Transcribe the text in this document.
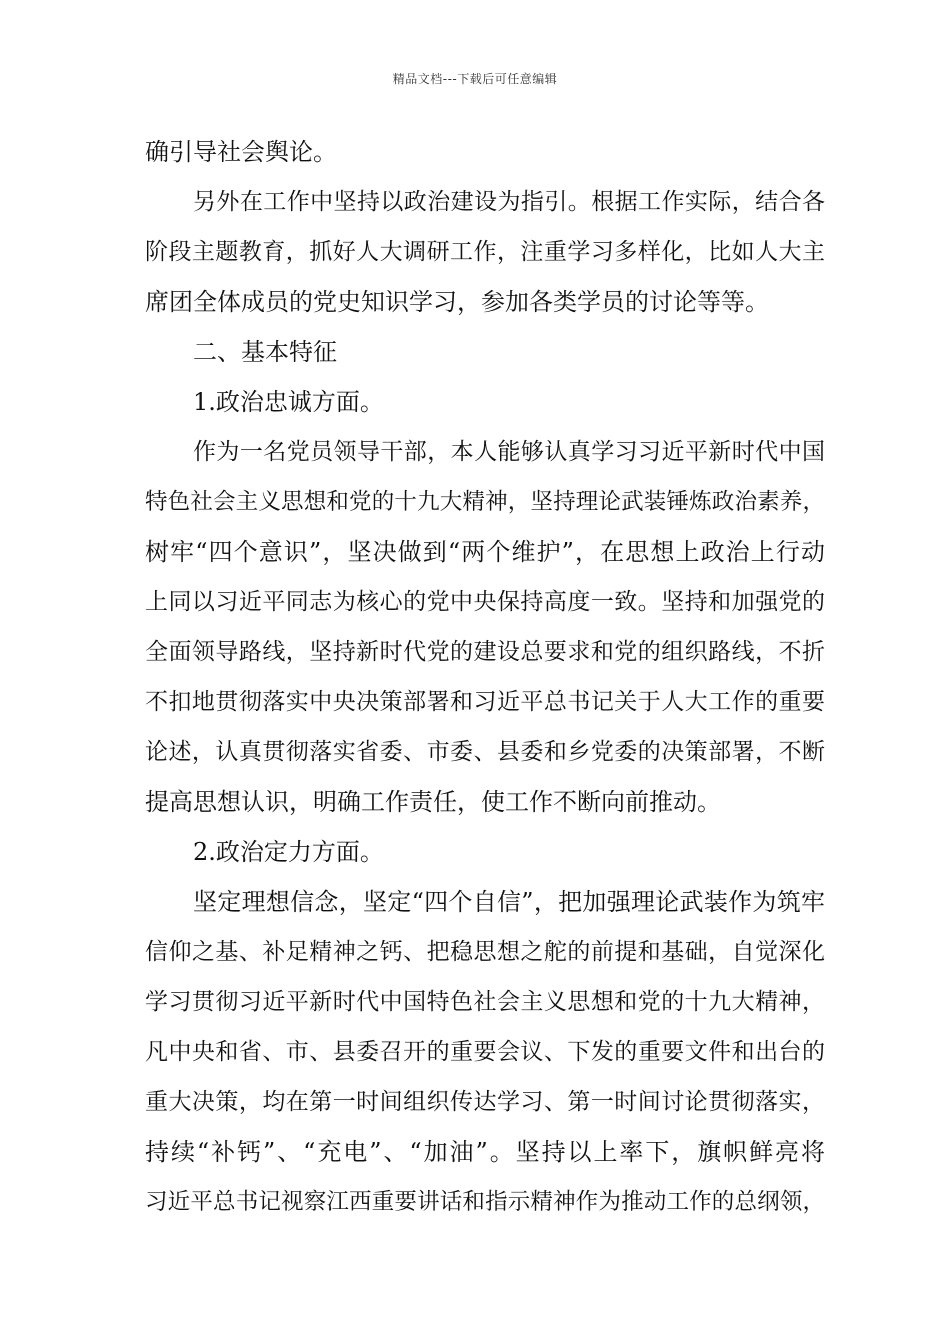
精品文档---下载后可任意编辑
确引导社会舆论。
另外在工作中坚持以政治建设为指引。根据工作实际，结合各
阶段主题教育，抓好人大调研工作，注重学习多样化，比如人大主
席团全体成员的党史知识学习，参加各类学员的讨论等等。
二、基本特征
1.政治忠诚方面。
作为一名党员领导干部，本人能够认真学习习近平新时代中国
特色社会主义思想和党的十九大精神，坚持理论武装锤炼政治素养，
树牢“四个意识”，坚决做到“两个维护”，在思想上政治上行动
上同以习近平同志为核心的党中央保持高度一致。坚持和加强党的
全面领导路线，坚持新时代党的建设总要求和党的组织路线，不折
不扣地贯彻落实中央决策部署和习近平总书记关于人大工作的重要
论述，认真贯彻落实省委、市委、县委和乡党委的决策部署，不断
提高思想认识，明确工作责任，使工作不断向前推动。
2.政治定力方面。
坚定理想信念，坚定“四个自信”，把加强理论武装作为筑牢
信仰之基、补足精神之钙、把稳思想之舵的前提和基础，自觉深化
学习贯彻习近平新时代中国特色社会主义思想和党的十九大精神，
凡中央和省、市、县委召开的重要会议、下发的重要文件和出台的
重大决策，均在第一时间组织传达学习、第一时间讨论贯彻落实，
持续“补钙”、“充电”、“加油”。坚持以上率下，旗帜鲜亮将
习近平总书记视察江西重要讲话和指示精神作为推动工作的总纲领，
